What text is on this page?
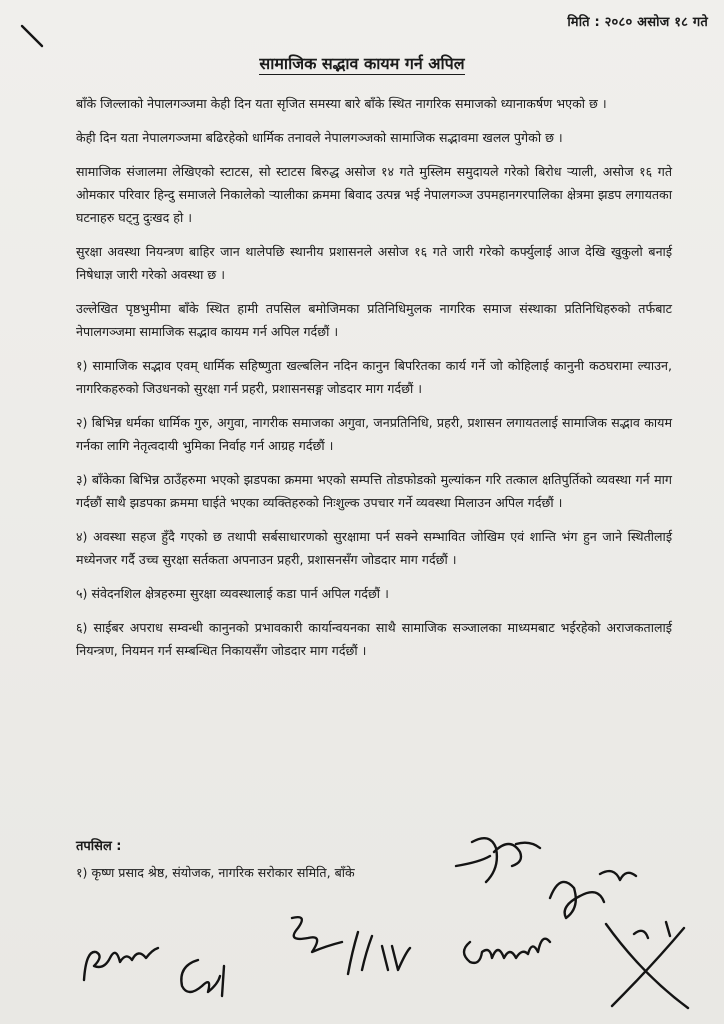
मिति : २०८० असोज १८ गते
सामाजिक सद्भाव कायम गर्न अपिल

बाँके जिल्लाको नेपालगञ्जमा केही दिन यता सृजित समस्या बारे बाँके स्थित नागरिक समाजको ध्यानाकर्षण भएको छ ।

केही दिन यता नेपालगञ्जमा बढिरहेको धार्मिक तनावले नेपालगञ्जको सामाजिक सद्भावमा खलल पुगेको छ ।

सामाजिक संजालमा लेखिएको स्टाटस, सो स्टाटस बिरुद्ध असोज १४ गते मुस्लिम समुदायले गरेको बिरोध र्‍याली, असोज १६ गते ओमकार परिवार हिन्दु समाजले निकालेको र्‍यालीका क्रममा बिवाद उत्पन्न भई नेपालगञ्ज उपमहानगरपालिका क्षेत्रमा झडप लगायतका घटनाहरु घट्नु दुःखद हो ।

सुरक्षा अवस्था नियन्त्रण बाहिर जान थालेपछि स्थानीय प्रशासनले असोज १६ गते जारी गरेको कर्फ्युलाई आज देखि खुकुलो बनाई निषेधाज्ञ जारी गरेको अवस्था छ ।

उल्लेखित पृष्ठभुमीमा बाँके स्थित हामी तपसिल बमोजिमका प्रतिनिधिमुलक नागरिक समाज संस्थाका प्रतिनिधिहरुको तर्फबाट नेपालगञ्जमा सामाजिक सद्भाव कायम गर्न अपिल गर्दछौं ।

१) सामाजिक सद्भाव एवम् धार्मिक सहिष्णुता खल्बलिन नदिन कानुन बिपरितका कार्य गर्ने जो कोहिलाई कानुनी कठघरामा ल्याउन, नागरिकहरुको जिउधनको सुरक्षा गर्न प्रहरी, प्रशासनसङ्ग जोडदार माग गर्दछौं ।

२) बिभिन्न धर्मका धार्मिक गुरु, अगुवा, नागरीक समाजका अगुवा, जनप्रतिनिधि, प्रहरी, प्रशासन लगायतलाई सामाजिक सद्भाव कायम गर्नका लागि नेतृत्वदायी भुमिका निर्वाह गर्न आग्रह गर्दछौं ।

३) बाँकेका बिभिन्न ठाउँहरुमा भएको झडपका क्रममा भएको सम्पत्ति तोडफोडको मुल्यांकन गरि तत्काल क्षतिपुर्तिको व्यवस्था गर्न माग गर्दछौं साथै झडपका क्रममा घाईते भएका व्यक्तिहरुको निःशुल्क उपचार गर्ने व्यवस्था मिलाउन अपिल गर्दछौं ।

४) अवस्था सहज हुँदै गएको छ तथापी सर्बसाधारणको सुरक्षामा पर्न सक्ने सम्भावित जोखिम एवं शान्ति भंग हुन जाने स्थितीलाई मध्येनजर गर्दै उच्च सुरक्षा सर्तकता अपनाउन प्रहरी, प्रशासनसँग जोडदार माग गर्दछौं ।

५) संवेदनशिल क्षेत्रहरुमा सुरक्षा व्यवस्थालाई कडा पार्न अपिल गर्दछौं ।

६) साईबर अपराध सम्वन्धी कानुनको प्रभावकारी कार्यान्वयनका साथै सामाजिक सञ्जालका माध्यमबाट भईरहेको अराजकतालाई नियन्त्रण, नियमन गर्न सम्बन्धित निकायसँग जोडदार माग गर्दछौं ।

तपसिल :
१) कृष्ण प्रसाद श्रेष्ठ, संयोजक, नागरिक सरोकार समिति, बाँके
